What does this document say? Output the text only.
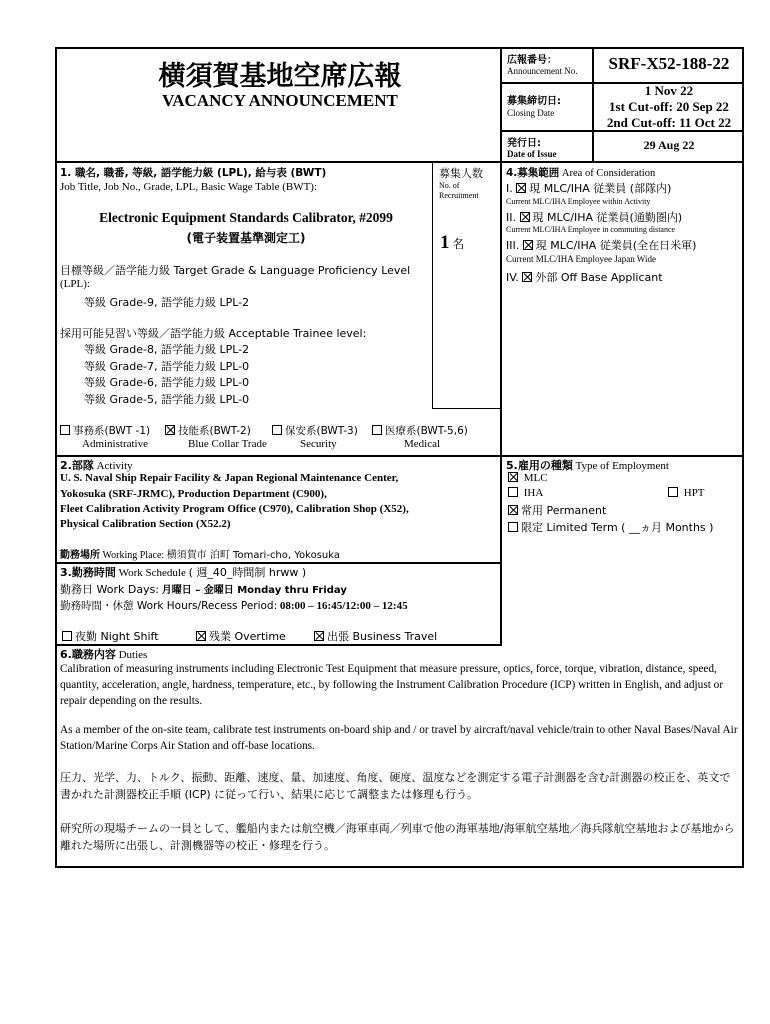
横須賀基地空席広報
VACANCY ANNOUNCEMENT
広報番号：
Announcement No.	SRF-X52-188-22
募集締切日:
Closing Date
1 Nov 22
1st Cut-off: 20 Sep 22
2nd Cut-off: 11 Oct 22
発行日:
Date of Issue
29 Aug 22
1. 職名, 職番, 等級, 語学能力級 (LPL), 給与表 (BWT)
Job Title, Job No., Grade, LPL, Basic Wage Table (BWT):
Electronic Equipment Standards Calibrator, #2099
(電子装置基準測定工)
目標等級／語学能力級 Target Grade & Language Proficiency Level
(LPL):
等級 Grade-9, 語学能力級 LPL-2
採用可能見習い等級／語学能力級 Acceptable Trainee level:
等級 Grade-8, 語学能力級 LPL-2
等級 Grade-7, 語学能力級 LPL-0
等級 Grade-6, 語学能力級 LPL-0
等級 Grade-5, 語学能力級 LPL-0
募集人数
No. of
Recruitment
1 名
事務系(BWT -1)
Administrative
技能系(BWT-2)
Blue Collar Trade
保安系(BWT-3)
Security
医療系(BWT-5,6)
Medical
4.募集範囲 Area of Consideration
I. 現 MLC/IHA 従業員 (部隊内)
Current MLC/IHA Employee within Activity
II. 現 MLC/IHA 従業員(通勤圏内)
Current MLC/IHA Employee in commuting distance
III. 現 MLC/IHA 従業員(全在日米軍)
Current MLC/IHA Employee Japan Wide
IV. 外部 Off Base Applicant
2.部隊 Activity
U. S. Naval Ship Repair Facility & Japan Regional Maintenance Center,
Yokosuka (SRF-JRMC), Production Department (C900),
Fleet Calibration Activity Program Office (C970), Calibration Shop (X52),
Physical Calibration Section (X52.2)
勤務場所 Working Place: 横須賀市 泊町 Tomari-cho, Yokosuka
5.雇用の種類 Type of Employment
MLC
IHA	HPT
常用 Permanent
限定 Limited Term ( __ヵ月 Months )
3.勤務時間 Work Schedule ( 週_40_時間制 hrww )
勤務日 Work Days: 月曜日 – 金曜日 Monday thru Friday
勤務時間・休憩 Work Hours/Recess Period: 08:00 – 16:45/12:00 – 12:45
夜勤 Night Shift	残業 Overtime	出張 Business Travel
6.職務内容 Duties

Calibration of measuring instruments including Electronic Test Equipment that measure pressure, optics, force, torque, vibration, distance, speed, quantity, acceleration, angle, hardness, temperature, etc., by following the Instrument Calibration Procedure (ICP) written in English, and adjust or repair depending on the results.

As a member of the on-site team, calibrate test instruments on-board ship and / or travel by aircraft/naval vehicle/train to other Naval Bases/Naval Air Station/Marine Corps Air Station and off-base locations.

圧力、光学、力、トルク、振動、距離、速度、量、加速度、角度、硬度、温度などを測定する電子計測器を含む計測器の校正を、英文で書かれた計測器校正手順 (ICP) に従って行い、結果に応じて調整または修理も行う。

研究所の現場チームの一員として、艦船内または航空機／海軍車両／列車で他の海軍基地/海軍航空基地／海兵隊航空基地および基地から離れた場所に出張し、計測機器等の校正・修理を行う。
